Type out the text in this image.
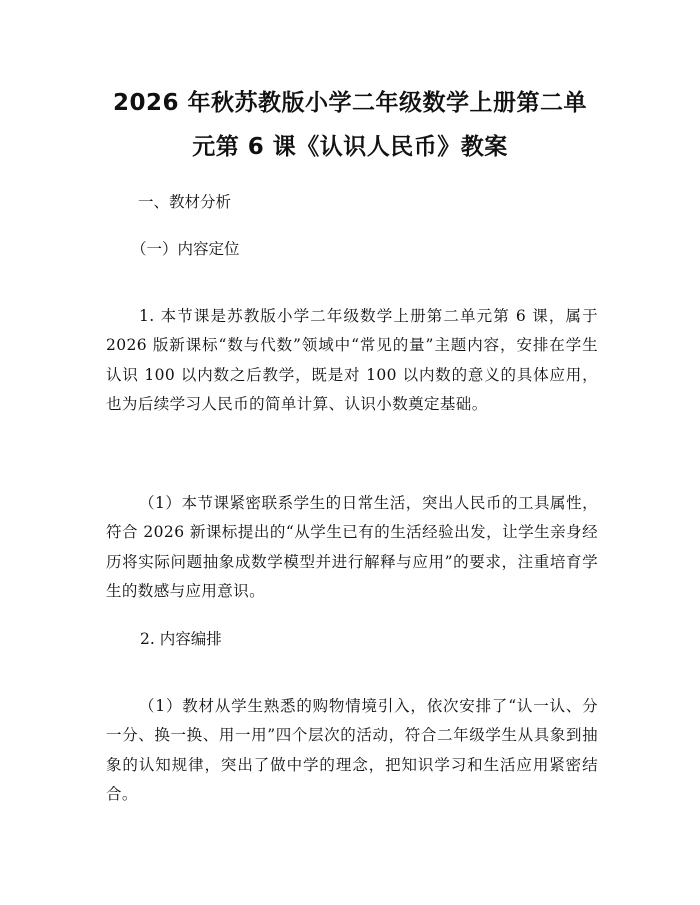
2026 年秋苏教版小学二年级数学上册第二单
元第 6 课《认识人民币》教案
一、教材分析
（一）内容定位

1. 本节课是苏教版小学二年级数学上册第二单元第 6 课，属于 2026 版新课标“数与代数”领域中“常见的量”主题内容，安排在学生认识 100 以内数之后教学，既是对 100 以内数的意义的具体应用，也为后续学习人民币的简单计算、认识小数奠定基础。

（1）本节课紧密联系学生的日常生活，突出人民币的工具属性，符合 2026 新课标提出的“从学生已有的生活经验出发，让学生亲身经历将实际问题抽象成数学模型并进行解释与应用”的要求，注重培育学生的数感与应用意识。

2. 内容编排

（1）教材从学生熟悉的购物情境引入，依次安排了“认一认、分一分、换一换、用一用”四个层次的活动，符合二年级学生从具象到抽象的认知规律，突出了做中学的理念，把知识学习和生活应用紧密结合。
